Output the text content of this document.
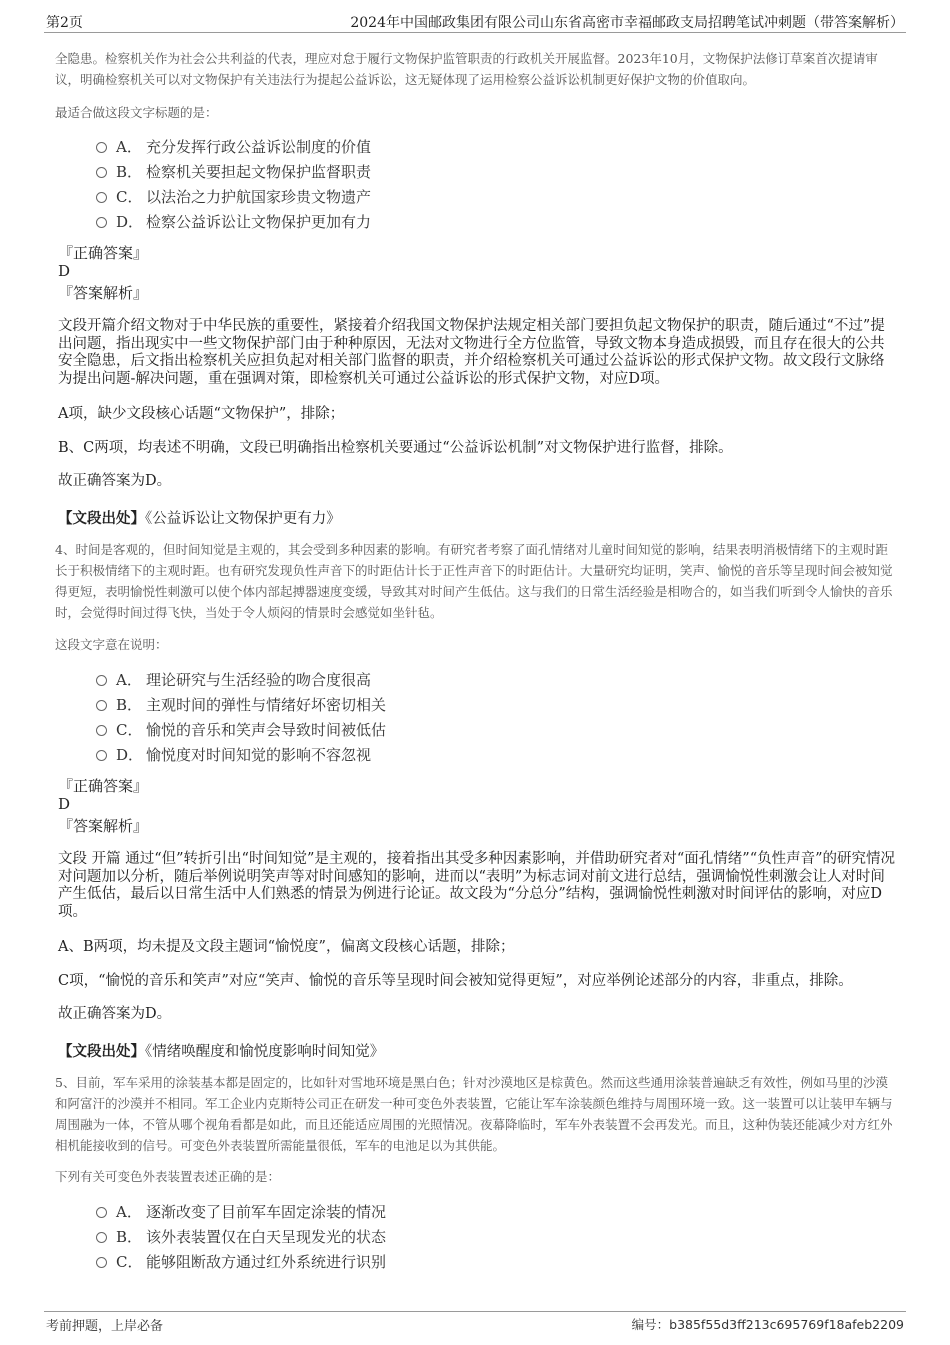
第2页	2024年中国邮政集团有限公司山东省高密市幸福邮政支局招聘笔试冲刺题（带答案解析）

全隐患。检察机关作为社会公共利益的代表，理应对怠于履行文物保护监管职责的行政机关开展监督。2023年10月，文物保护法修订草案首次提请审议，明确检察机关可以对文物保护有关违法行为提起公益诉讼，这无疑体现了运用检察公益诉讼机制更好保护文物的价值取向。

最适合做这段文字标题的是：

A． 充分发挥行政公益诉讼制度的价值
B． 检察机关要担起文物保护监督职责
C． 以法治之力护航国家珍贵文物遗产
D． 检察公益诉讼让文物保护更加有力
『正确答案』
D
『答案解析』

文段开篇介绍文物对于中华民族的重要性，紧接着介绍我国文物保护法规定相关部门要担负起文物保护的职责，随后通过“不过”提出问题，指出现实中一些文物保护部门由于种种原因，无法对文物进行全方位监管，导致文物本身造成损毁，而且存在很大的公共安全隐患，后文指出检察机关应担负起对相关部门监督的职责，并介绍检察机关可通过公益诉讼的形式保护文物。故文段行文脉络为提出问题-解决问题，重在强调对策，即检察机关可通过公益诉讼的形式保护文物，对应D项。

A项，缺少文段核心话题“文物保护”，排除；

B、C两项，均表述不明确，文段已明确指出检察机关要通过“公益诉讼机制”对文物保护进行监督，排除。

故正确答案为D。

【文段出处】《公益诉讼让文物保护更有力》

4、时间是客观的，但时间知觉是主观的，其会受到多种因素的影响。有研究者考察了面孔情绪对儿童时间知觉的影响，结果表明消极情绪下的主观时距长于积极情绪下的主观时距。也有研究发现负性声音下的时距估计长于正性声音下的时距估计。大量研究均证明，笑声、愉悦的音乐等呈现时间会被知觉得更短，表明愉悦性刺激可以使个体内部起搏器速度变缓，导致其对时间产生低估。这与我们的日常生活经验是相吻合的，如当我们听到令人愉快的音乐时，会觉得时间过得飞快，当处于令人烦闷的情景时会感觉如坐针毡。

这段文字意在说明：

A． 理论研究与生活经验的吻合度很高
B． 主观时间的弹性与情绪好坏密切相关
C． 愉悦的音乐和笑声会导致时间被低估
D． 愉悦度对时间知觉的影响不容忽视
『正确答案』
D
『答案解析』

文段 开篇 通过“但”转折引出“时间知觉”是主观的，接着指出其受多种因素影响，并借助研究者对“面孔情绪”“负性声音”的研究情况对问题加以分析，随后举例说明笑声等对时间感知的影响，进而以“表明”为标志词对前文进行总结，强调愉悦性刺激会让人对时间产生低估，最后以日常生活中人们熟悉的情景为例进行论证。故文段为“分总分”结构，强调愉悦性刺激对时间评估的影响，对应D项。

A、B两项，均未提及文段主题词“愉悦度”，偏离文段核心话题，排除；

C项，“愉悦的音乐和笑声”对应“笑声、愉悦的音乐等呈现时间会被知觉得更短”，对应举例论述部分的内容，非重点，排除。

故正确答案为D。

【文段出处】《情绪唤醒度和愉悦度影响时间知觉》

5、目前，军车采用的涂装基本都是固定的，比如针对雪地环境是黑白色；针对沙漠地区是棕黄色。然而这些通用涂装普遍缺乏有效性，例如马里的沙漠和阿富汗的沙漠并不相同。军工企业内克斯特公司正在研发一种可变色外表装置，它能让军车涂装颜色维持与周围环境一致。这一装置可以让装甲车辆与周围融为一体，不管从哪个视角看都是如此，而且还能适应周围的光照情况。夜幕降临时，军车外表装置不会再发光。而且，这种伪装还能减少对方红外相机能接收到的信号。可变色外表装置所需能量很低，军车的电池足以为其供能。

下列有关可变色外表装置表述正确的是：

A． 逐渐改变了目前军车固定涂装的情况
B． 该外表装置仅在白天呈现发光的状态
C． 能够阻断敌方通过红外系统进行识别
考前押题，上岸必备	编号：b385f55d3ff213c695769f18afeb2209
